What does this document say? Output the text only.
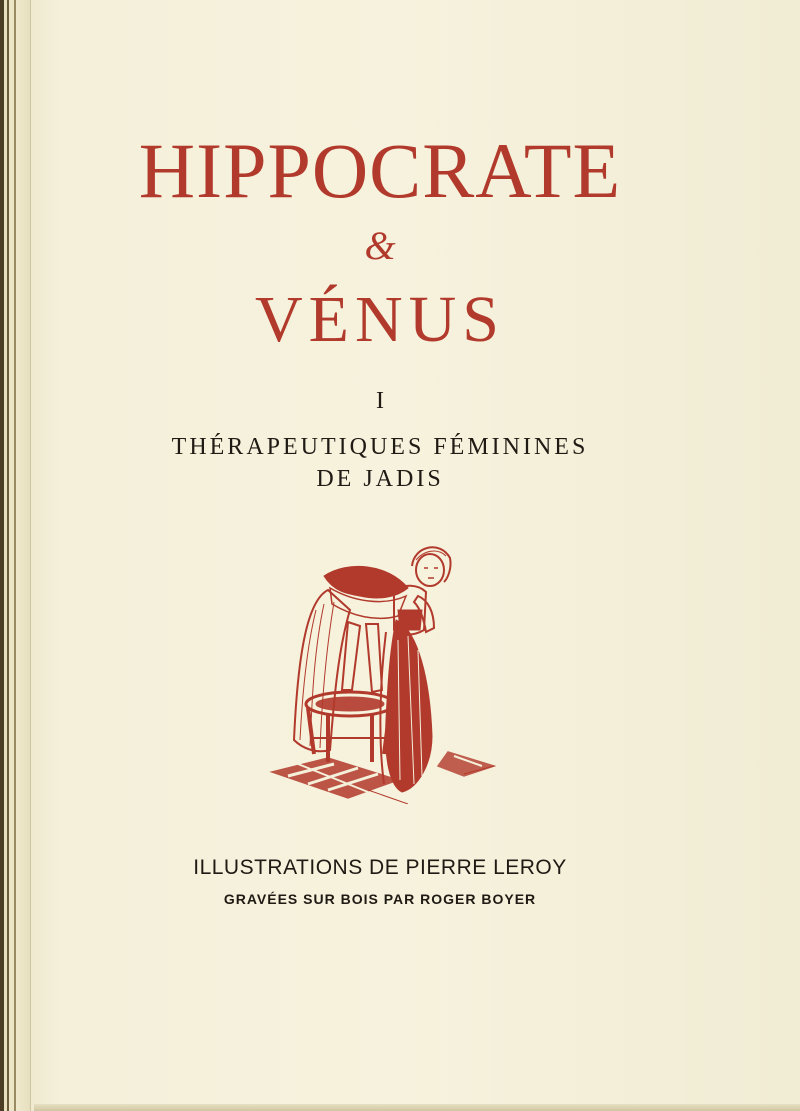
HIPPOCRATE
&
VÉNUS
I
THÉRAPEUTIQUES FÉMININES
DE JADIS
ILLUSTRATIONS DE PIERRE LEROY
GRAVÉES SUR BOIS PAR ROGER BOYER
